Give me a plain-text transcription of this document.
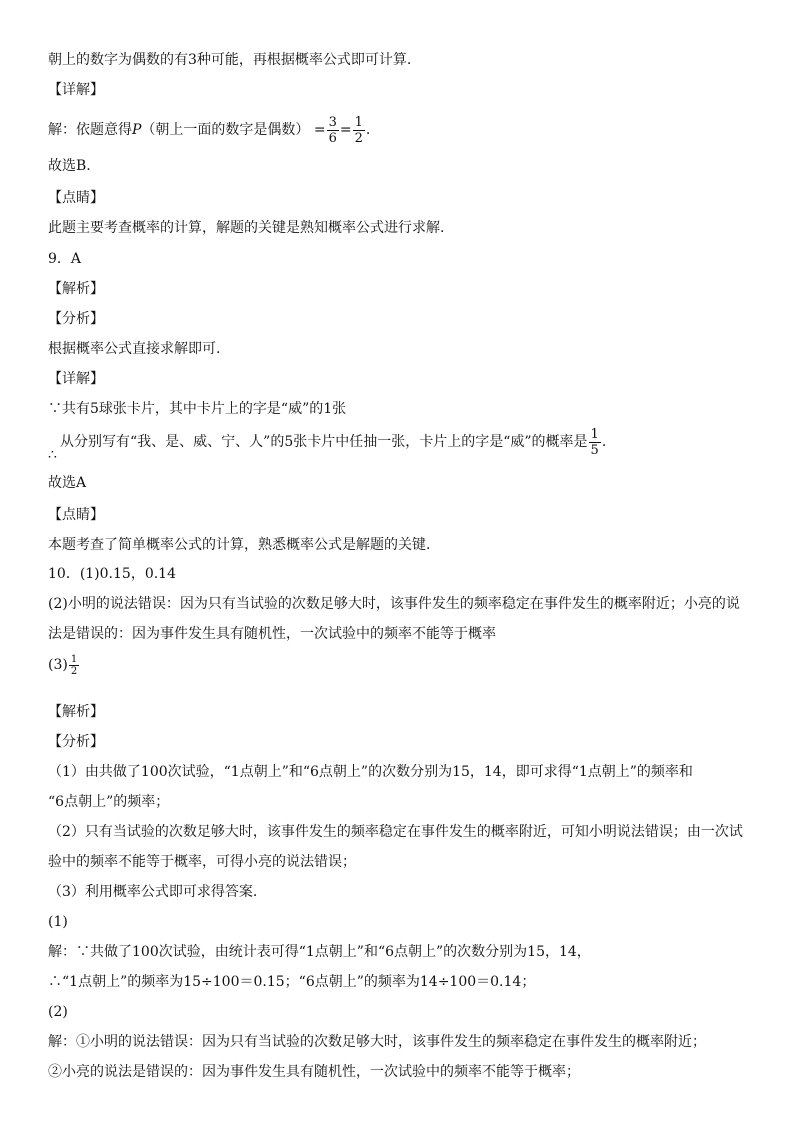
朝上的数字为偶数的有3种可能，再根据概率公式即可计算.
【详解】
解：依题意得P（朝上一面的数字是偶数） = $\frac{3}{6} = \frac{1}{2}$ .
故选B.
【点睛】
此题主要考查概率的计算，解题的关键是熟知概率公式进行求解.
9．A
【解析】
【分析】
根据概率公式直接求解即可.
【详解】
∵共有5球张卡片，其中卡片上的字是“威”的1张
从分别写有“我、是、威、宁、人”的5张卡片中任抽一张，卡片上的字是“威”的概率是 $\frac{1}{5}$ .
∴
故选A
【点睛】
本题考查了简单概率公式的计算，熟悉概率公式是解题的关键.
10．(1)0.15，0.14
(2)小明的说法错误：因为只有当试验的次数足够大时，该事件发生的频率稳定在事件发生的概率附近；小亮的说
法是错误的：因为事件发生具有随机性，一次试验中的频率不能等于概率
$(3) \frac{1}{2}$
【解析】
【分析】
（1）由共做了100次试验，“1点朝上”和“6点朝上”的次数分别为15，14，即可求得“1点朝上”的频率和
“6点朝上”的频率；
（2）只有当试验的次数足够大时，该事件发生的频率稳定在事件发生的概率附近，可知小明说法错误；由一次试
验中的频率不能等于概率，可得小亮的说法错误；
（3）利用概率公式即可求得答案.
(1)
解：∵共做了100次试验，由统计表可得“1点朝上”和“6点朝上”的次数分别为15，14，
∴“1点朝上”的频率为15÷100＝0.15；“6点朝上”的频率为14÷100＝0.14；
(2)
解：①小明的说法错误：因为只有当试验的次数足够大时，该事件发生的频率稳定在事件发生的概率附近；
②小亮的说法是错误的：因为事件发生具有随机性，一次试验中的频率不能等于概率；
